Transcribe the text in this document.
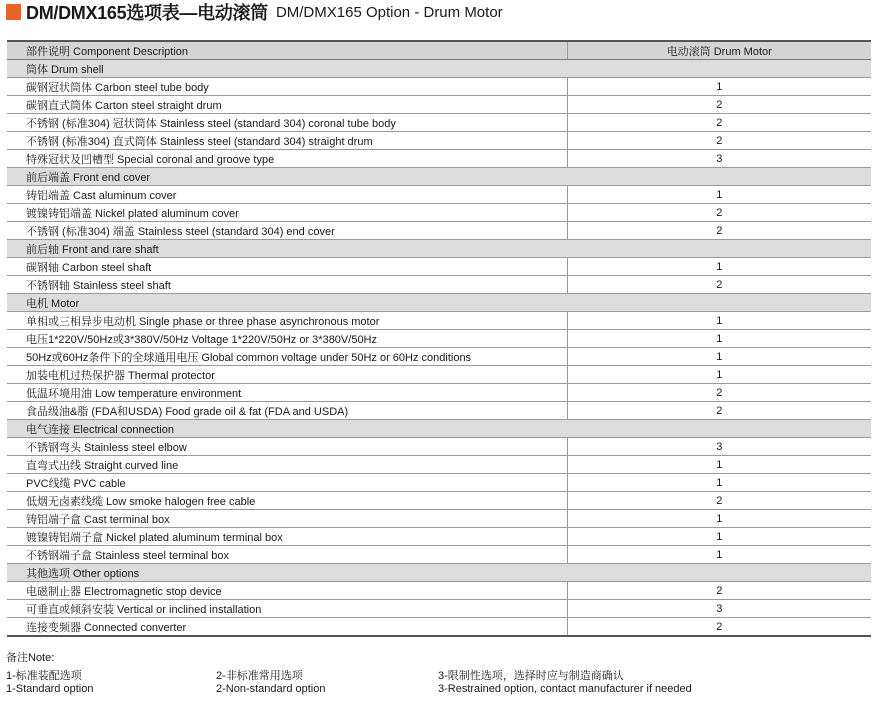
DM/DMX165选项表—电动滚筒 DM/DMX165 Option - Drum Motor
部件说明 Component Description	电动滚筒 Drum Motor
筒体 Drum shell	
碳钢冠状筒体 Carbon steel tube body	1
碳钢直式筒体 Carton steel straight drum	2
不锈钢 (标准304) 冠状筒体 Stainless steel (standard 304) coronal tube body	2
不锈钢 (标准304) 直式筒体 Stainless steel (standard 304) straight drum	2
特殊冠状及凹槽型 Special coronal and groove type	3
前后端盖 Front end cover	
铸铝端盖 Cast aluminum cover	1
镀镍铸铝端盖 Nickel plated aluminum cover	2
不锈钢 (标准304) 端盖 Stainless steel (standard 304) end cover	2
前后轴 Front and rare shaft	
碳钢轴 Carbon steel shaft	1
不锈钢轴 Stainless steel shaft	2
电机 Motor	
单相或三相异步电动机 Single phase or three phase asynchronous motor	1
电压1*220V/50Hz或3*380V/50Hz Voltage 1*220V/50Hz or 3*380V/50Hz	1
50Hz或60Hz条件下的全球通用电压 Global common voltage under 50Hz or 60Hz conditions	1
加装电机过热保护器 Thermal protector	1
低温环境用油 Low temperature environment	2
食品级油&脂 (FDA和USDA) Food grade oil & fat (FDA and USDA)	2
电气连接 Electrical connection	
不锈钢弯头 Stainless steel elbow	3
直弯式出线 Straight curved line	1
PVC线缆 PVC cable	1
低烟无卤素线缆 Low smoke halogen free cable	2
铸铝端子盒 Cast terminal box	1
镀镍铸铝端子盒 Nickel plated aluminum terminal box	1
不锈钢端子盒 Stainless steel terminal box	1
其他选项 Other options	
电磁制止器 Electromagnetic stop device	2
可垂直或倾斜安装 Vertical or inclined installation	3
连接变频器 Connected converter	2
备注Note:
1-标准装配选项	2-非标准常用选项	3-限制性选项，选择时应与制造商确认
1-Standard option	2-Non-standard option	3-Restrained option, contact manufacturer if needed
